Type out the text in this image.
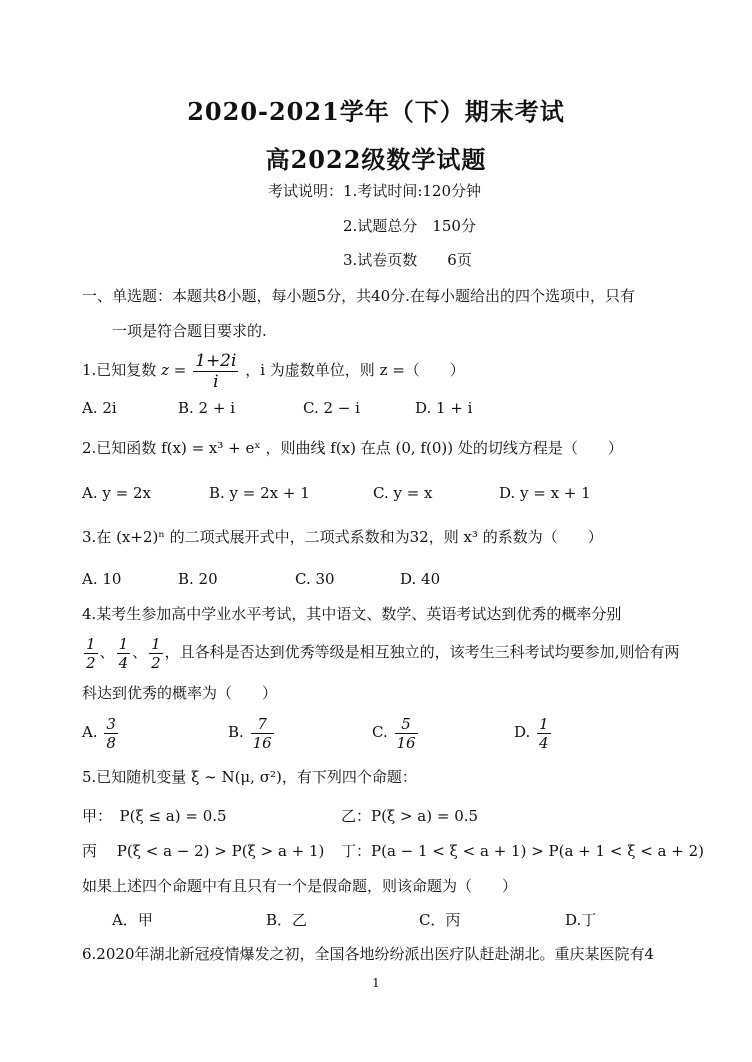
2020-2021学年（下）期末考试
高2022级数学试题
考试说明：1.考试时间:120分钟
2.试题总分　150分
3.试卷页数　　6页
一、单选题：本题共8小题，每小题5分，共40分.在每小题给出的四个选项中，只有
一项是符合题目要求的.
1.已知复数 $z = \frac{1+2i}{i}$ ，i 为虚数单位，则 z =（　　）
A. 2i	B. 2 + i	C. 2 − i	D. 1 + i
2.已知函数 f(x) = x³ + eˣ ，则曲线 f(x) 在点 (0, f(0)) 处的切线方程是（　　）
A. y = 2x	B. y = 2x + 1	C. y = x	D. y = x + 1
3.在 (x+2)ⁿ 的二项式展开式中，二项式系数和为32，则 x³ 的系数为（　　）
A. 10	B. 20	C. 30	D. 40
4.某考生参加高中学业水平考试，其中语文、数学、英语考试达到优秀的概率分别
$\frac{1}{2}$ 、 $\frac{1}{4}$ 、 $\frac{1}{2}$ ，且各科是否达到优秀等级是相互独立的，该考生三科考试均要参加,则恰有两
科达到优秀的概率为（　　）
A. $\frac{3}{8}$	B. $\frac{7}{16}$	C. $\frac{5}{16}$	D. $\frac{1}{4}$
5.已知随机变量 ξ ~ N(μ, σ²)，有下列四个命题：
甲：　P(ξ ≤ a) = 0.5	乙：P(ξ > a) = 0.5
丙　 P(ξ < a − 2) > P(ξ > a + 1) 丁：P(a − 1 < ξ < a + 1) > P(a + 1 < ξ < a + 2)
如果上述四个命题中有且只有一个是假命题，则该命题为（　　）
A．甲	B．乙	C．丙	D.丁
6.2020年湖北新冠疫情爆发之初，全国各地纷纷派出医疗队赶赴湖北。重庆某医院有4
1
